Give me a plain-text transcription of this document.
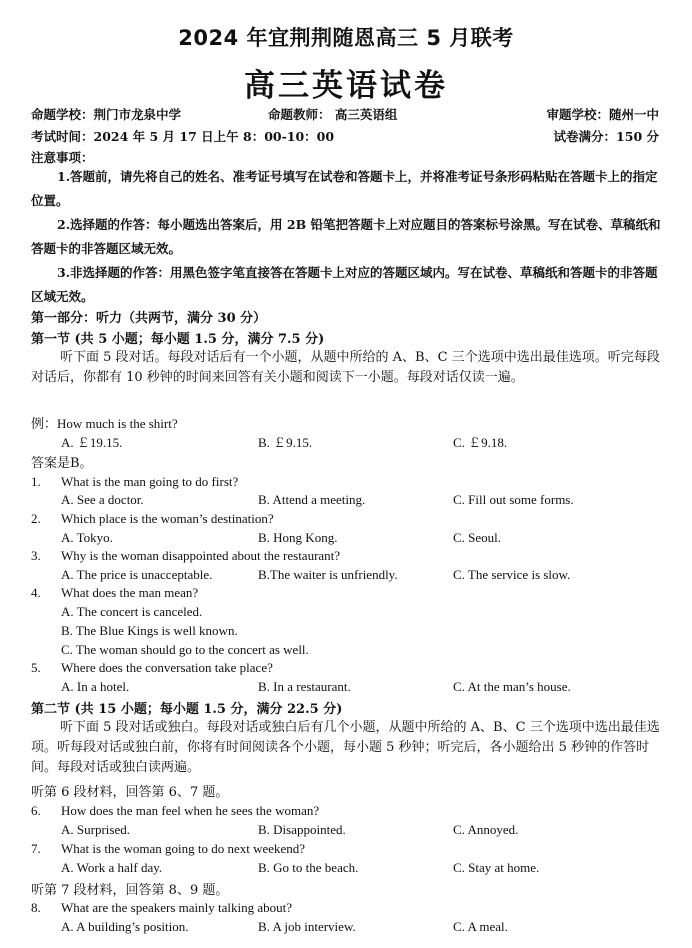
2024 年宜荆荆随恩高三 5 月联考
高三英语试卷
命题学校：荆门市龙泉中学	命题教师： 高三英语组	审题学校：随州一中
考试时间：2024 年 5 月 17 日上午 8：00-10：00	试卷满分：150 分
注意事项：
1.答题前，请先将自己的姓名、准考证号填写在试卷和答题卡上，并将准考证号条形码粘贴在答题卡上的指定位置。
2.选择题的作答：每小题选出答案后，用 2B 铅笔把答题卡上对应题目的答案标号涂黑。写在试卷、草稿纸和答题卡的非答题区域无效。
3.非选择题的作答：用黑色签字笔直接答在答题卡上对应的答题区域内。写在试卷、草稿纸和答题卡的非答题区域无效。
第一部分：听力（共两节，满分 30 分）
第一节 (共 5 小题；每小题 1.5 分，满分 7.5 分)
听下面 5 段对话。每段对话后有一个小题，从题中所给的 A、B、C 三个选项中选出最佳选项。听完每段对话后，你都有 10 秒钟的时间来回答有关小题和阅读下一小题。每段对话仅读一遍。
例：How much is the shirt?
A. ￡19.15.	B. ￡9.15.	C. ￡9.18.
答案是B。
1. What is the man going to do first?
A. See a doctor.	B. Attend a meeting.	C. Fill out some forms.
2. Which place is the woman’s destination?
A. Tokyo.	B. Hong Kong.	C. Seoul.
3. Why is the woman disappointed about the restaurant?
A. The price is unacceptable.	B.The waiter is unfriendly.	C. The service is slow.
4. What does the man mean?
A. The concert is canceled.
B. The Blue Kings is well known.
C. The woman should go to the concert as well.
5. Where does the conversation take place?
A. In a hotel.	B. In a restaurant.	C. At the man’s house.
第二节 (共 15 小题；每小题 1.5 分，满分 22.5 分)
听下面 5 段对话或独白。每段对话或独白后有几个小题，从题中所给的 A、B、C 三个选项中选出最佳选项。听每段对话或独白前，你将有时间阅读各个小题，每小题 5 秒钟；听完后，各小题给出 5 秒钟的作答时间。每段对话或独白读两遍。
听第 6 段材料，回答第 6、7 题。
6. How does the man feel when he sees the woman?
A. Surprised.	B. Disappointed.	C. Annoyed.
7. What is the woman going to do next weekend?
A. Work a half day.	B. Go to the beach.	C. Stay at home.
听第 7 段材料，回答第 8、9 题。
8. What are the speakers mainly talking about?
A. A building’s position.	B. A job interview.	C. A meal.
